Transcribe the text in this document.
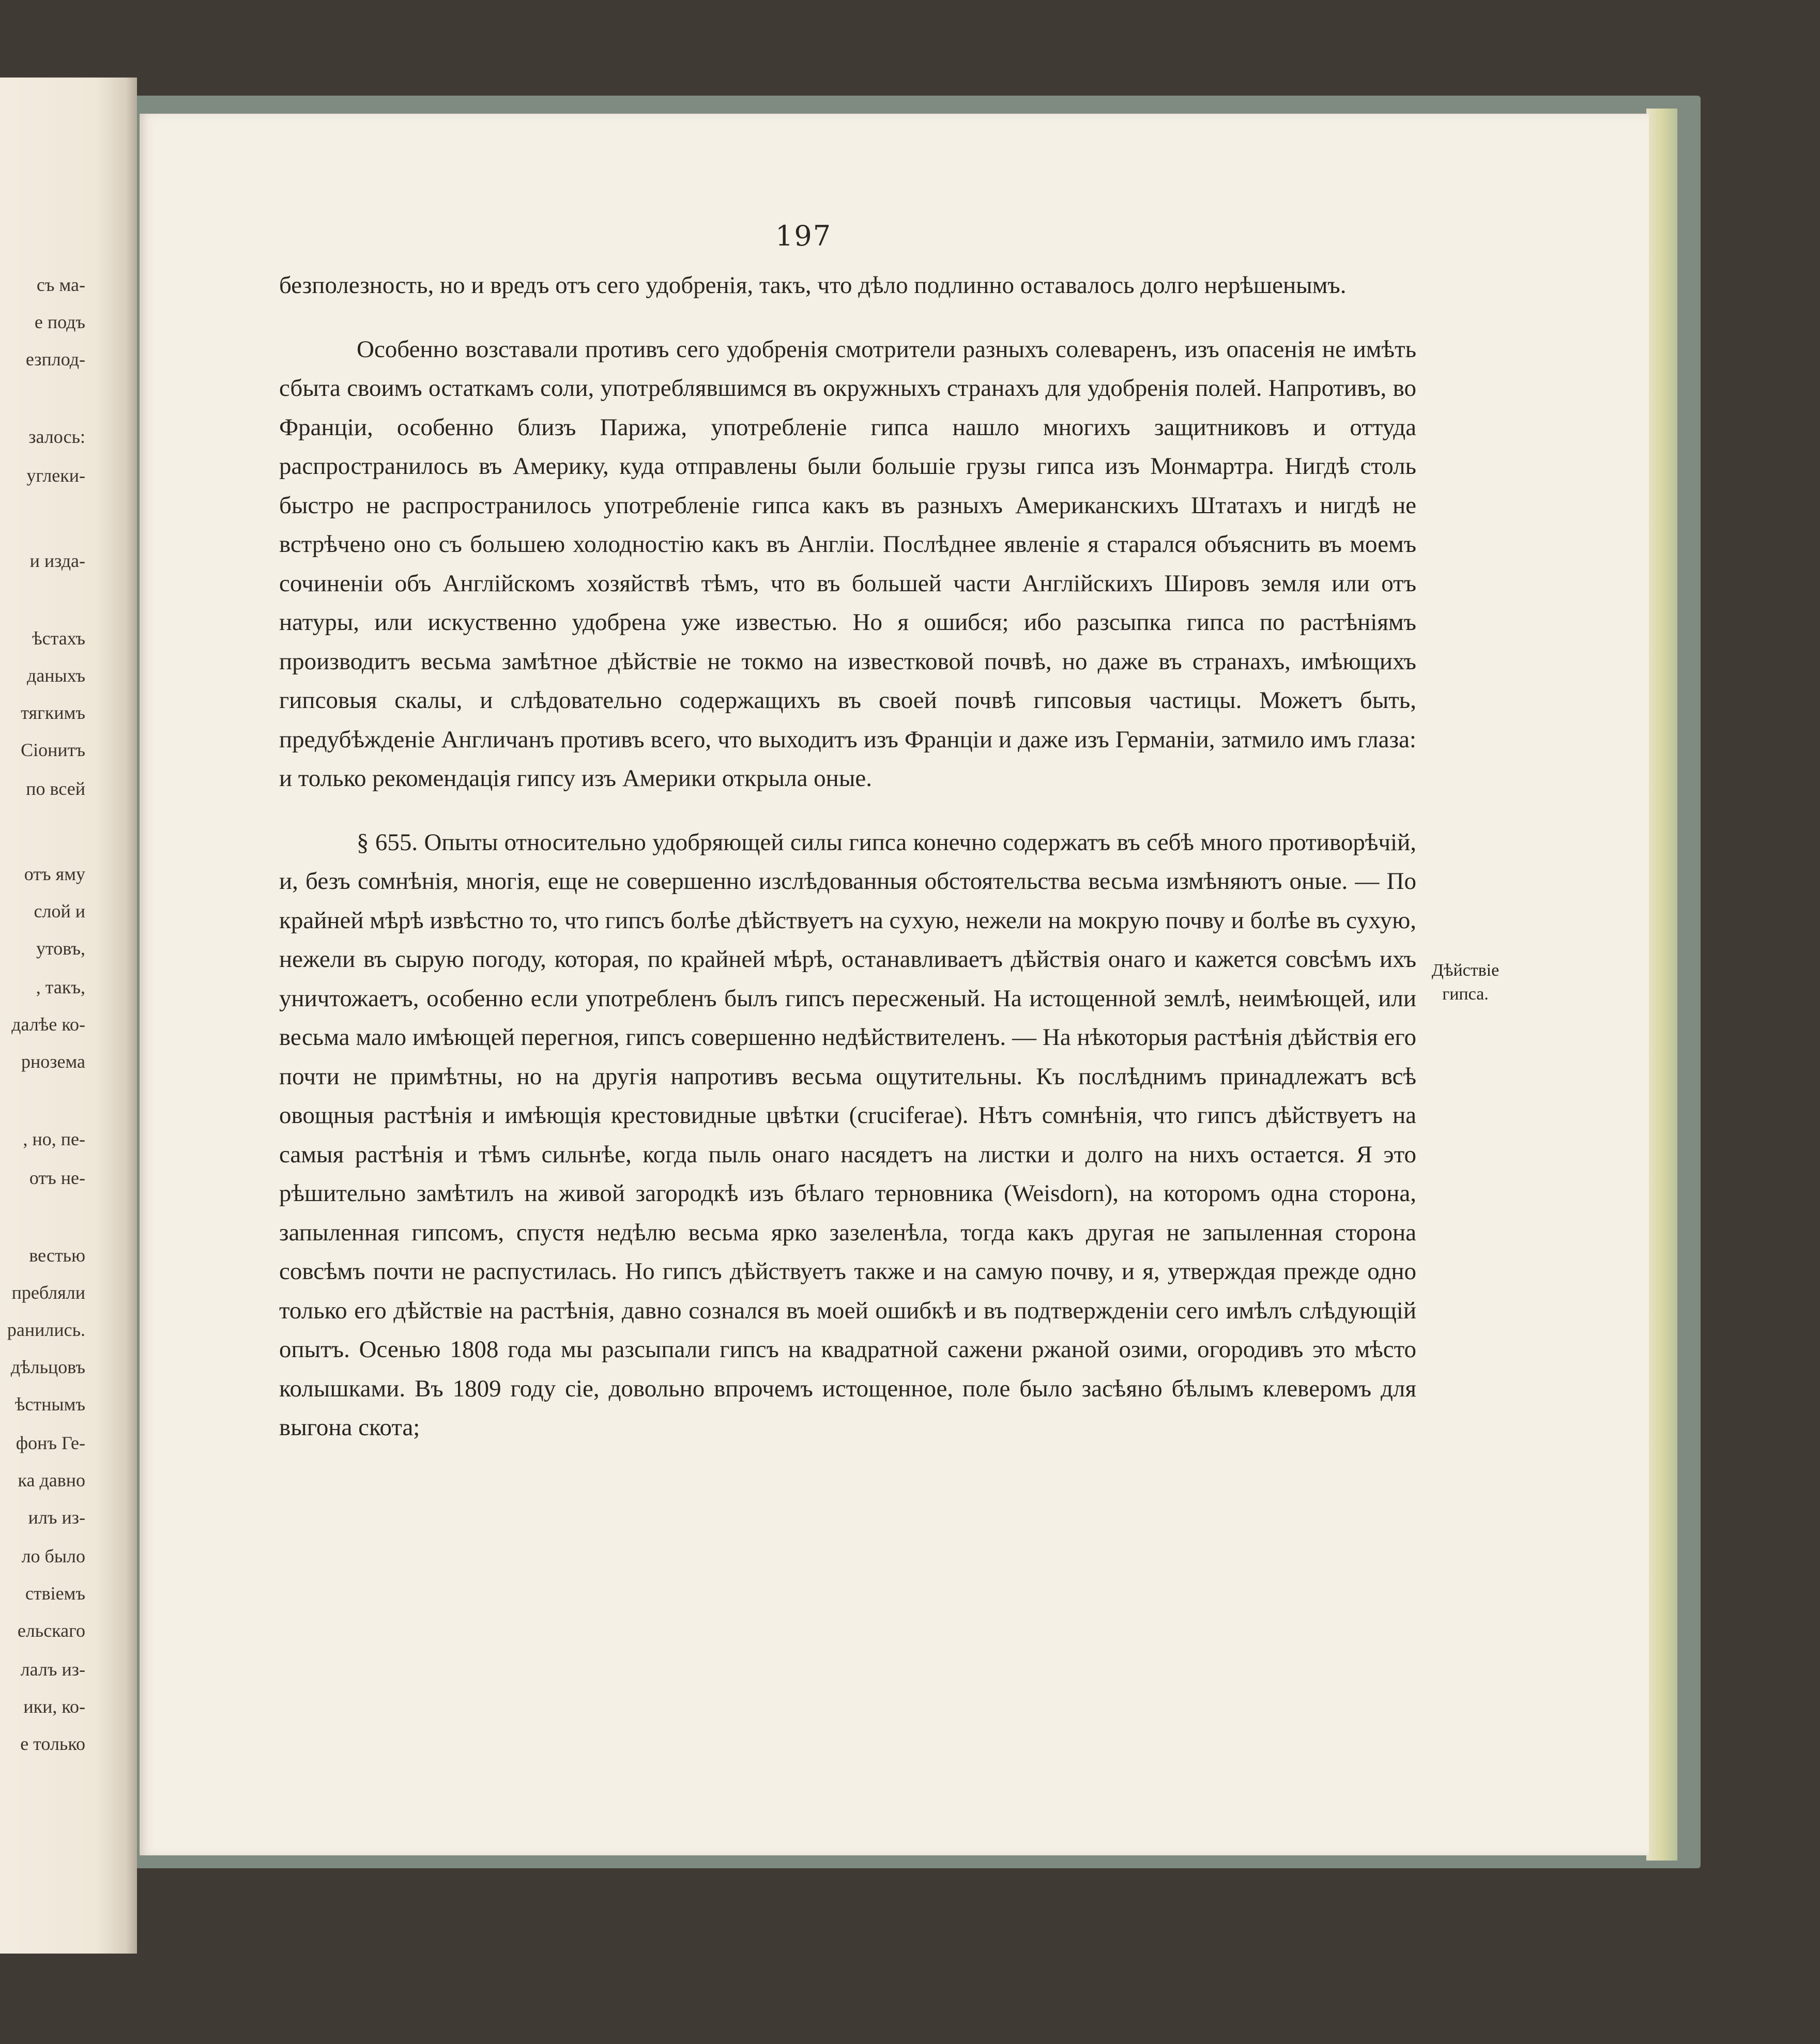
съ ма-
е подъ
езплод-
залось:
углеки-
и изда-
ѣстахъ
даныхъ
тягкимъ
Сіонитъ
по всей
отъ яму
слой и
утовъ,
, такъ,
далѣе ко-
рнозема
, но, пе-
отъ не-
вестью
пребляли
ранились.
дѣльцовъ
ѣстнымъ
фонъ Ге-
ка давно
илъ из-
ло было
ствіемъ
ельскаго
лалъ из-
ики, ко-
е только
197

безполезность, но и вредъ отъ сего удобренія, такъ, что дѣло подлинно оставалось долго нерѣшенымъ.

Особенно возставали противъ сего удобренія смотрители разныхъ солеваренъ, изъ опасенія не имѣть сбыта своимъ остаткамъ соли, употреблявшимся въ окружныхъ странахъ для удобренія полей. Напротивъ, во Франціи, особенно близъ Парижа, употребленіе гипса нашло многихъ защитниковъ и оттуда распространилось въ Америку, куда отправлены были большіе грузы гипса изъ Монмартра. Нигдѣ столь быстро не распространилось употребленіе гипса какъ въ разныхъ Американскихъ Штатахъ и нигдѣ не встрѣчено оно съ большею холодностію какъ въ Англіи. Послѣднее явленіе я старался объяснить въ моемъ сочиненіи объ Англійскомъ хозяйствѣ тѣмъ, что въ большей части Англійскихъ Шировъ земля или отъ натуры, или искуственно удобрена уже известью. Но я ошибся; ибо разсыпка гипса по растѣніямъ производитъ весьма замѣтное дѣйствіе не токмо на известковой почвѣ, но даже въ странахъ, имѣющихъ гипсовыя скалы, и слѣдовательно содержащихъ въ своей почвѣ гипсовыя частицы. Можетъ быть, предубѣжденіе Англичанъ противъ всего, что выходитъ изъ Франціи и даже изъ Германіи, затмило имъ глаза: и только рекомендація гипсу изъ Америки открыла оные.

§ 655. Опыты относительно удобряющей силы гипса конечно содержатъ въ себѣ много противорѣчій, и, безъ сомнѣнія, многія, еще не совершенно изслѣдованныя обстоятельства весьма измѣняютъ оные. — По крайней мѣрѣ извѣстно то, что гипсъ болѣе дѣйствуетъ на сухую, нежели на мокрую почву и болѣе въ сухую, нежели въ сырую погоду, которая, по крайней мѣрѣ, останавливаетъ дѣйствія онаго и кажется совсѣмъ ихъ уничтожаетъ, особенно если употребленъ былъ гипсъ пересженый. На истощенной землѣ, неимѣющей, или весьма мало имѣющей перегноя, гипсъ совершенно недѣйствителенъ. — На нѣкоторыя растѣнія дѣйствія его почти не примѣтны, но на другія напротивъ весьма ощутительны. Къ послѣднимъ принадлежатъ всѣ овощныя растѣнія и имѣющія крестовидные цвѣтки (cruciferae). Нѣтъ сомнѣнія, что гипсъ дѣйствуетъ на самыя растѣнія и тѣмъ сильнѣе, когда пыль онаго насядетъ на листки и долго на нихъ остается. Я это рѣшительно замѣтилъ на живой загородкѣ изъ бѣлаго терновника (Weisdorn), на которомъ одна сторона, запыленная гипсомъ, спустя недѣлю весьма ярко зазеленѣла, тогда какъ другая не запыленная сторона совсѣмъ почти не распустилась. Но гипсъ дѣйствуетъ также и на самую почву, и я, утверждая прежде одно только его дѣйствіе на растѣнія, давно сознался въ моей ошибкѣ и въ подтвержденіи сего имѣлъ слѣдующій опытъ. Осенью 1808 года мы разсыпали гипсъ на квадратной сажени ржаной озими, огородивъ это мѣсто колышками. Въ 1809 году сіе, довольно впрочемъ истощенное, поле было засѣяно бѣлымъ клеверомъ для выгона скота;

Дѣйствіе
гипса.
